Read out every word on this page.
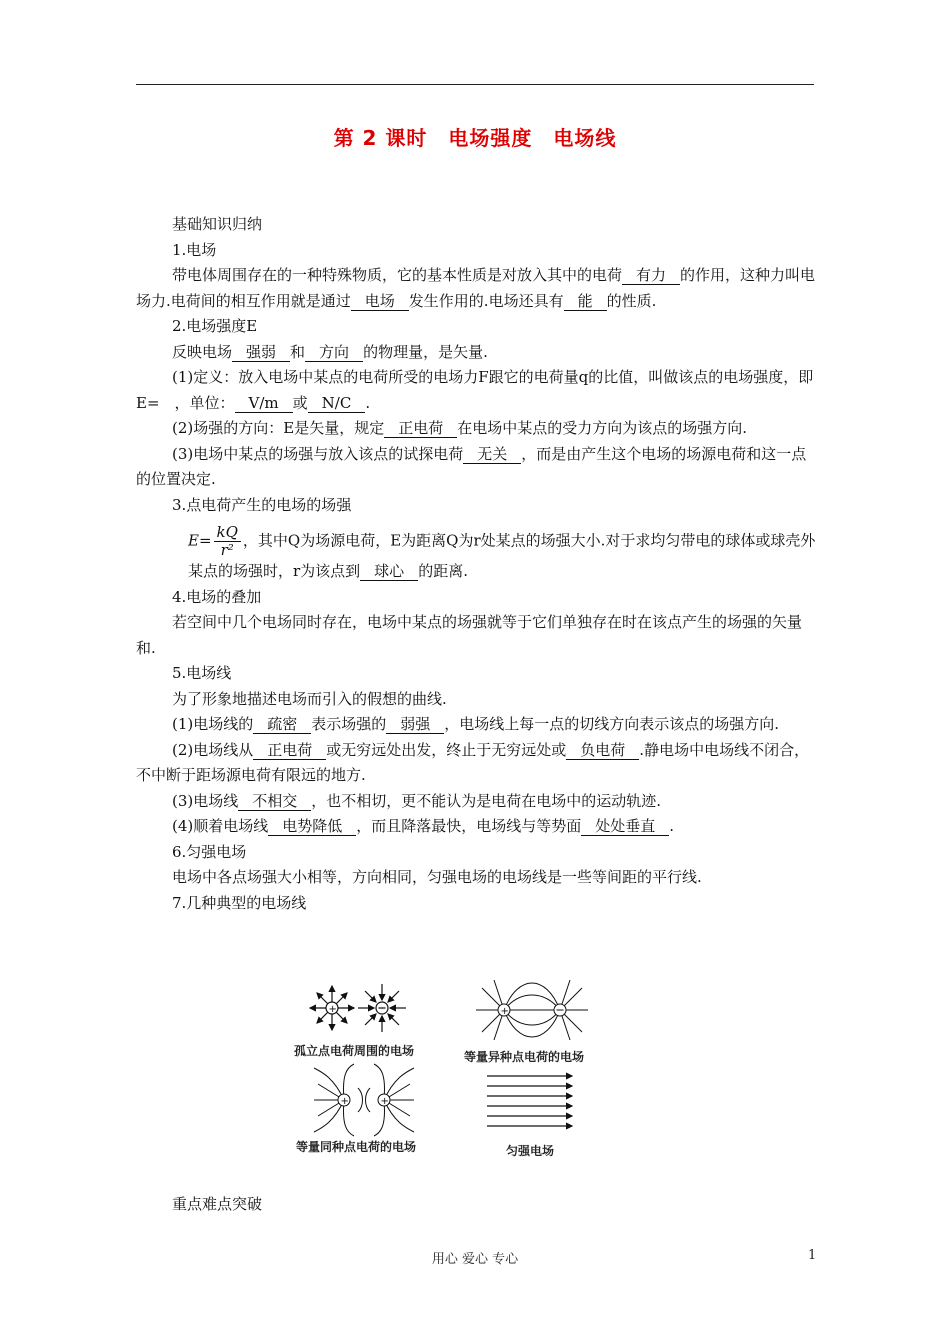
第 2 课时　电场强度　电场线

基础知识归纳

1.电场

带电体周围存在的一种特殊物质，它的基本性质是对放入其中的电荷 有力 的作用，这种力叫电场力.电荷间的相互作用就是通过 电场 发生作用的.电场还具有 能 的性质.

2.电场强度E

反映电场 强弱 和 方向 的物理量，是矢量.

(1)定义：放入电场中某点的电荷所受的电场力F跟它的电荷量q的比值，叫做该点的电场强度，即　E=　，单位： V/m 或 N/C .

(2)场强的方向：E是矢量，规定 正电荷 在电场中某点的受力方向为该点的场强方向.

(3)电场中某点的场强与放入该点的试探电荷 无关 ，而是由产生这个电场的场源电荷和这一点的位置决定.

3.点电荷产生的电场的场强

$E= \frac{kQ}{\text{r²}}$ ，其中Q为场源电荷，E为距离Q为r处某点的场强大小.对于求均匀带电的球体或球壳外某点的场强时，r为该点到 球心 的距离.

4.电场的叠加

若空间中几个电场同时存在，电场中某点的场强就等于它们单独存在时在该点产生的场强的矢量和.

5.电场线

为了形象地描述电场而引入的假想的曲线.

(1)电场线的 疏密 表示场强的 弱强 ，电场线上每一点的切线方向表示该点的场强方向.

(2)电场线从 正电荷 或无穷远处出发，终止于无穷远处或 负电荷 .静电场中电场线不闭合，不中断于距场源电荷有限远的地方.

(3)电场线 不相交 ，也不相切，更不能认为是电荷在电场中的运动轨迹.

(4)顺着电场线 电势降低 ，而且降落最快，电场线与等势面 处处垂直 .

6.匀强电场

电场中各点场强大小相等，方向相同，匀强电场的电场线是一些等间距的平行线.

7.几种典型的电场线

+	+
+	+
孤立点电荷周围的电场	等量异种点电荷的电场
等量同种点电荷的电场	匀强电场
重点难点突破
用心 爱心 专心	1
